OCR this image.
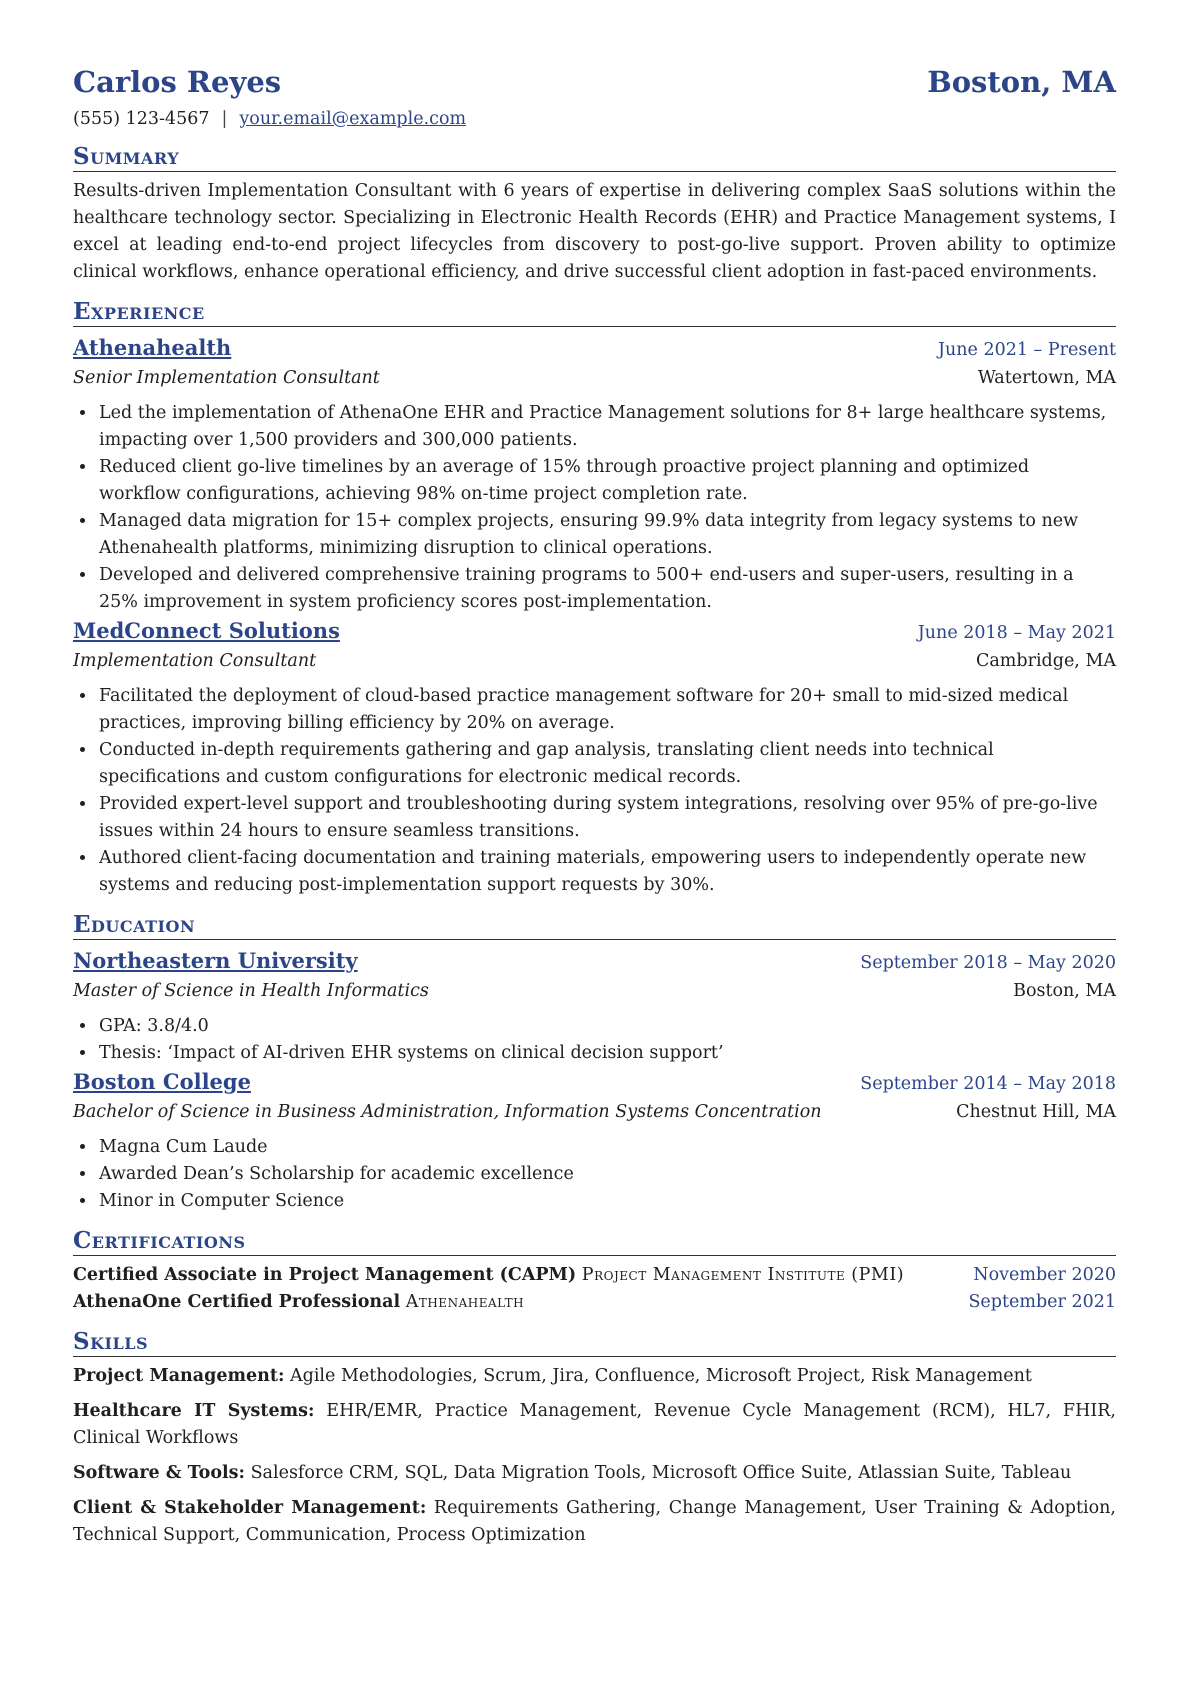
Carlos Reyes	Boston, MA
(555) 123-4567 | your.email@example.com
Summary

Results-driven Implementation Consultant with 6 years of expertise in delivering complex SaaS solutions within the healthcare technology sector. Specializing in Electronic Health Records (EHR) and Practice Management systems, I excel at leading end-to-end project lifecycles from discovery to post-go-live support. Proven ability to optimize clinical workflows, enhance operational efficiency, and drive successful client adoption in fast-paced environments.

Experience
Athenahealth	June 2021 – Present
Senior Implementation Consultant	Watertown, MA
• Led the implementation of AthenaOne EHR and Practice Management solutions for 8+ large healthcare systems, impacting over 1,500 providers and 300,000 patients.
• Reduced client go-live timelines by an average of 15% through proactive project planning and optimized workflow configurations, achieving 98% on-time project completion rate.
• Managed data migration for 15+ complex projects, ensuring 99.9% data integrity from legacy systems to new Athenahealth platforms, minimizing disruption to clinical operations.
• Developed and delivered comprehensive training programs to 500+ end-users and super-users, resulting in a 25% improvement in system proficiency scores post-implementation.
MedConnect Solutions	June 2018 – May 2021
Implementation Consultant	Cambridge, MA
• Facilitated the deployment of cloud-based practice management software for 20+ small to mid-sized medical practices, improving billing efficiency by 20% on average.
• Conducted in-depth requirements gathering and gap analysis, translating client needs into technical specifications and custom configurations for electronic medical records.
• Provided expert-level support and troubleshooting during system integrations, resolving over 95% of pre-go-live issues within 24 hours to ensure seamless transitions.
• Authored client-facing documentation and training materials, empowering users to independently operate new systems and reducing post-implementation support requests by 30%.
Education
Northeastern University	September 2018 – May 2020
Master of Science in Health Informatics	Boston, MA
• GPA: 3.8/4.0
• Thesis: ‘Impact of AI-driven EHR systems on clinical decision support’
Boston College	September 2014 – May 2018
Bachelor of Science in Business Administration, Information Systems Concentration	Chestnut Hill, MA
• Magna Cum Laude
• Awarded Dean’s Scholarship for academic excellence
• Minor in Computer Science
Certifications
Certified Associate in Project Management (CAPM) Project Management Institute (PMI)	November 2020
AthenaOne Certified Professional Athenahealth	September 2021
Skills
Project Management: Agile Methodologies, Scrum, Jira, Confluence, Microsoft Project, Risk Management
Healthcare IT Systems: EHR/EMR, Practice Management, Revenue Cycle Management (RCM), HL7, FHIR, Clinical Workflows
Software & Tools: Salesforce CRM, SQL, Data Migration Tools, Microsoft Office Suite, Atlassian Suite, Tableau
Client & Stakeholder Management: Requirements Gathering, Change Management, User Training & Adoption, Technical Support, Communication, Process Optimization
